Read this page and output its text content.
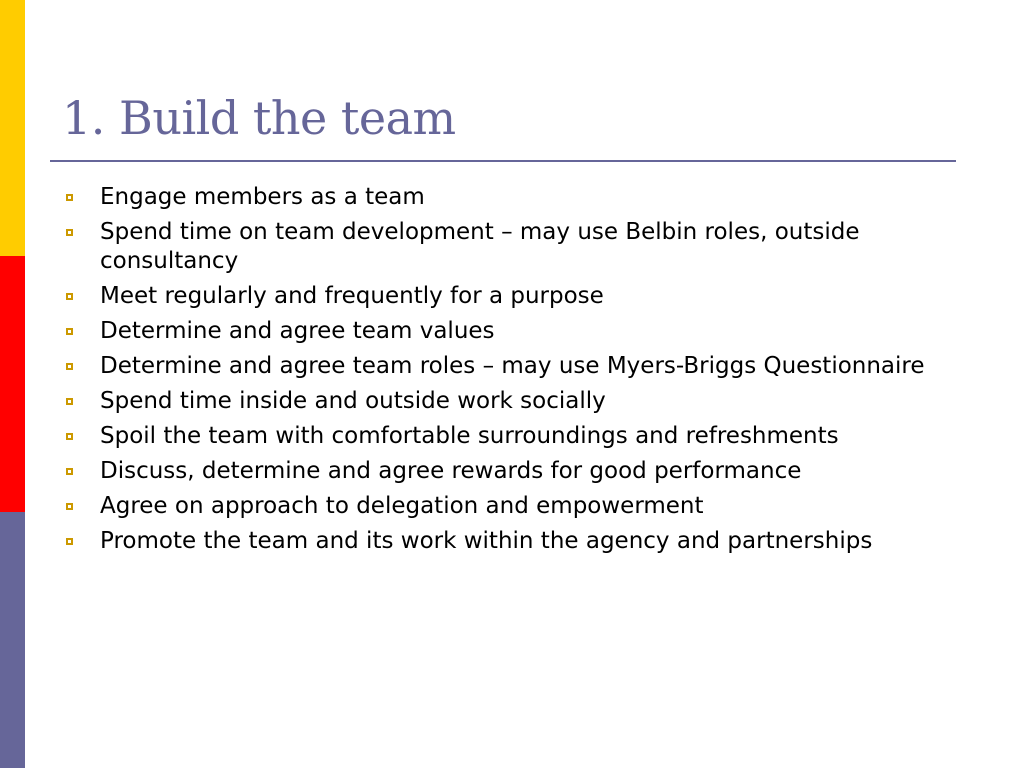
1. Build the team
Engage members as a team
Spend time on team development – may use Belbin roles, outside consultancy
Meet regularly and frequently for a purpose
Determine and agree team values
Determine and agree team roles – may use Myers-Briggs Questionnaire
Spend time inside and outside work socially
Spoil the team with comfortable surroundings and refreshments
Discuss, determine and agree rewards for good performance
Agree on approach to delegation and empowerment
Promote the team and its work within the agency and partnerships
